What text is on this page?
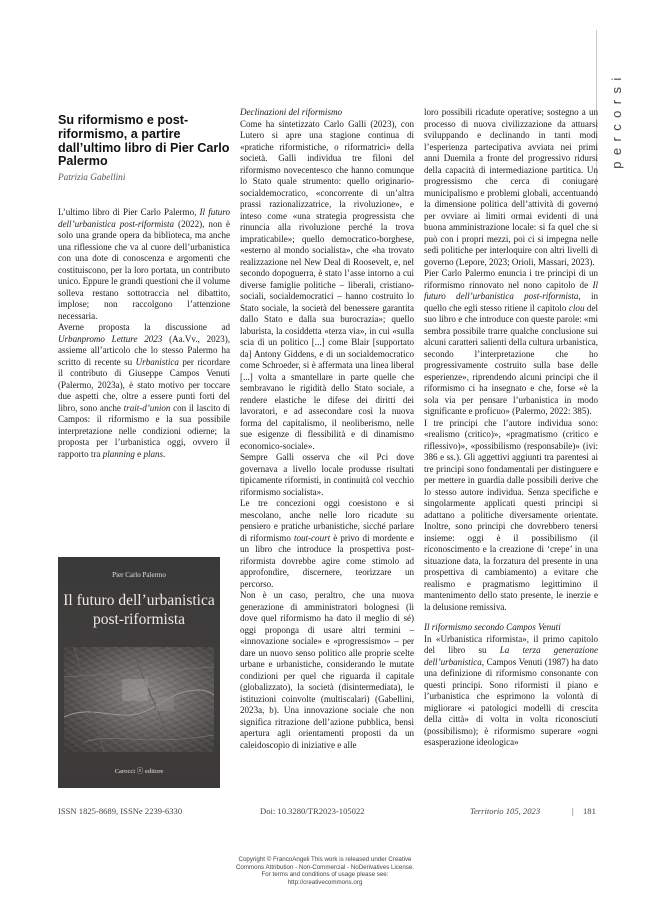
percorsi
Su riformismo e post-riformismo, a partire dall’ultimo libro di Pier Carlo Palermo
Patrizia Gabellini

L’ultimo libro di Pier Carlo Palermo, Il futuro dell’urbanistica post-riformista (2022), non è solo una grande opera da biblioteca, ma anche una riflessione che va al cuore dell’urbanistica con una dote di conoscenza e argomenti che costituiscono, per la loro portata, un contributo unico. Eppure le grandi questioni che il volume solleva restano sottotraccia nel dibattito, implose; non raccolgono l’attenzione necessaria.

Averne proposta la discussione ad Urbanpromo Letture 2023 (Aa.Vv., 2023), assieme all’articolo che lo stesso Palermo ha scritto di recente su Urbanistica per ricordare il contributo di Giuseppe Campos Venuti (Palermo, 2023a), è stato motivo per toccare due aspetti che, oltre a essere punti forti del libro, sono anche trait-d’union con il lascito di Campos: il riformismo e la sua possibile interpretazione nelle condizioni odierne; la proposta per l’urbanistica oggi, ovvero il rapporto tra planning e plans.

Pier Carlo Palermo
Il futuro dell’urbanistica
post-riformista
Carocci ⓔ editore

Declinazioni del riformismo

Come ha sintetizzato Carlo Galli (2023), con Lutero si apre una stagione continua di «pratiche riformistiche, o riformatrici» della società. Galli individua tre filoni del riformismo novecentesco che hanno comunque lo Stato quale strumento: quello originario-socialdemocratico, «concorrente di un’altra prassi razionalizzatrice, la rivoluzione», e inteso come «una strategia progressista che rinuncia alla rivoluzione perché la trova impraticabile»; quello democratico-borghese, «esterno al mondo socialista», che «ha trovato realizzazione nel New Deal di Roosevelt, e, nel secondo dopoguerra, è stato l’asse intorno a cui diverse famiglie politiche – liberali, cristiano-sociali, socialdemocratici – hanno costruito lo Stato sociale, la società del benessere garantita dallo Stato e dalla sua burocrazia»; quello laburista, la cosiddetta «terza via», in cui «sulla scia di un politico [...] come Blair [supportato da] Antony Giddens, e di un socialdemocratico come Schroeder, si è affermata una linea liberal [...] volta a smantellare in parte quelle che sembravano le rigidità dello Stato sociale, a rendere elastiche le difese dei diritti dei lavoratori, e ad assecondare così la nuova forma del capitalismo, il neoliberismo, nelle sue esigenze di flessibilità e di dinamismo economico-sociale».

Sempre Galli osserva che «il Pci dove governava a livello locale produsse risultati tipicamente riformisti, in continuità col vecchio riformismo socialista».

Le tre concezioni oggi coesistono e si mescolano, anche nelle loro ricadute su pensiero e pratiche urbanistiche, sicché parlare di riformismo tout-court è privo di mordente e un libro che introduce la prospettiva post-riformista dovrebbe agire come stimolo ad approfondire, discernere, teorizzare un percorso.

Non è un caso, peraltro, che una nuova generazione di amministratori bolognesi (li dove quel riformismo ha dato il meglio di sé) oggi proponga di usare altri termini – «innovazione sociale» e «progressismo» – per dare un nuovo senso politico alle proprie scelte urbane e urbanistiche, considerando le mutate condizioni per quel che riguarda il capitale (globalizzato), la società (disintermediata), le istituzioni coinvolte (multiscalari) (Gabellini, 2023a, b). Una innovazione sociale che non significa ritrazione dell’azione pubblica, bensì apertura agli orientamenti proposti da un caleidoscopio di iniziative e alle

loro possibili ricadute operative; sostegno a un processo di nuova civilizzazione da attuarsi sviluppando e declinando in tanti modi l’esperienza partecipativa avviata nei primi anni Duemila a fronte del progressivo ridursi della capacità di intermediazione partitica. Un progressismo che cerca di coniugare municipalismo e problemi globali, accentuando la dimensione politica dell’attività di governo per ovviare ai limiti ormai evidenti di una buona amministrazione locale: si fa quel che si può con i propri mezzi, poi ci si impegna nelle sedi politiche per interloquire con altri livelli di governo (Lepore, 2023; Orioli, Massari, 2023).

Pier Carlo Palermo enuncia i tre principi di un riformismo rinnovato nel nono capitolo de Il futuro dell’urbanistica post-riformista, in quello che egli stesso ritiene il capitolo clou del suo libro e che introduce con queste parole: «mi sembra possibile trarre qualche conclusione sui alcuni caratteri salienti della cultura urbanistica, secondo l’interpretazione che ho progressivamente costruito sulla base delle esperienze», riprendendo alcuni principi che il riformismo ci ha insegnato e che, forse «è la sola via per pensare l’urbanistica in modo significante e proficuo» (Palermo, 2022: 385).

I tre principi che l’autore individua sono: «realismo (critico)», «pragmatismo (critico e riflessivo)», «possibilismo (responsabile)» (ivi: 386 e ss.). Gli aggettivi aggiunti tra parentesi ai tre principi sono fondamentali per distinguere e per mettere in guardia dalle possibili derive che lo stesso autore individua. Senza specifiche e singolarmente applicati questi principi si adattano a politiche diversamente orientate. Inoltre, sono principi che dovrebbero tenersi insieme: oggi è il possibilismo (il riconoscimento e la creazione di ‘crepe’ in una situazione data, la forzatura del presente in una prospettiva di cambiamento) a evitare che realismo e pragmatismo legittimino il mantenimento dello stato presente, le inerzie e la delusione remissiva.

Il riformismo secondo Campos Venuti

In «Urbanistica riformista», il primo capitolo del libro su La terza generazione dell’urbanistica, Campos Venuti (1987) ha dato una definizione di riformismo consonante con questi principi. Sono riformisti il piano e l’urbanistica che esprimono la volontà di migliorare «i patologici modelli di crescita della città» di volta in volta riconosciuti (possibilismo); è riformismo superare «ogni esasperazione ideologica»

ISSN 1825-8689, ISSNe 2239-6330	Doi: 10.3280/TR2023-105022	Territorio 105, 2023	| 181
Copyright © FrancoAngeli This work is released under Creative
Commons Attribution - Non-Commercial - NoDerivatives License.
For terms and conditions of usage please see:
http://creativecommons.org
